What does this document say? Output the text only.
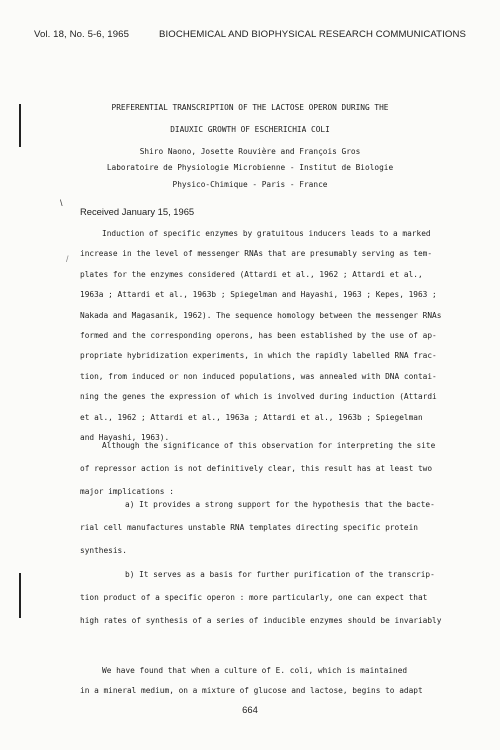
Vol. 18, No. 5-6, 1965	BIOCHEMICAL AND BIOPHYSICAL RESEARCH COMMUNICATIONS
\
/
PREFERENTIAL TRANSCRIPTION OF THE LACTOSE OPERON DURING THE
DIAUXIC GROWTH OF ESCHERICHIA COLI
Shiro Naono, Josette Rouvière and François Gros
Laboratoire de Physiologie Microbienne - Institut de Biologie
Physico-Chimique - Paris - France
Received January 15, 1965
Induction of specific enzymes by gratuitous inducers leads to a marked
increase in the level of messenger RNAs that are presumably serving as tem-
plates for the enzymes considered (Attardi et al., 1962 ; Attardi et al.,
1963a ; Attardi et al., 1963b ; Spiegelman and Hayashi, 1963 ; Kepes, 1963 ;
Nakada and Magasanik, 1962). The sequence homology between the messenger RNAs
formed and the corresponding operons, has been established by the use of ap-
propriate hybridization experiments, in which the rapidly labelled RNA frac-
tion, from induced or non induced populations, was annealed with DNA contai-
ning the genes the expression of which is involved during induction (Attardi
et al., 1962 ; Attardi et al., 1963a ; Attardi et al., 1963b ; Spiegelman
and Hayashi, 1963).
Although the significance of this observation for interpreting the site
of repressor action is not definitively clear, this result has at least two
major implications :
a) It provides a strong support for the hypothesis that the bacte-
rial cell manufactures unstable RNA templates directing specific protein
synthesis.
b) It serves as a basis for further purification of the transcrip-
tion product of a specific operon : more particularly, one can expect that
high rates of synthesis of a series of inducible enzymes should be invariably
664
We have found that when a culture of E. coli, which is maintained
in a mineral medium, on a mixture of glucose and lactose, begins to adapt
